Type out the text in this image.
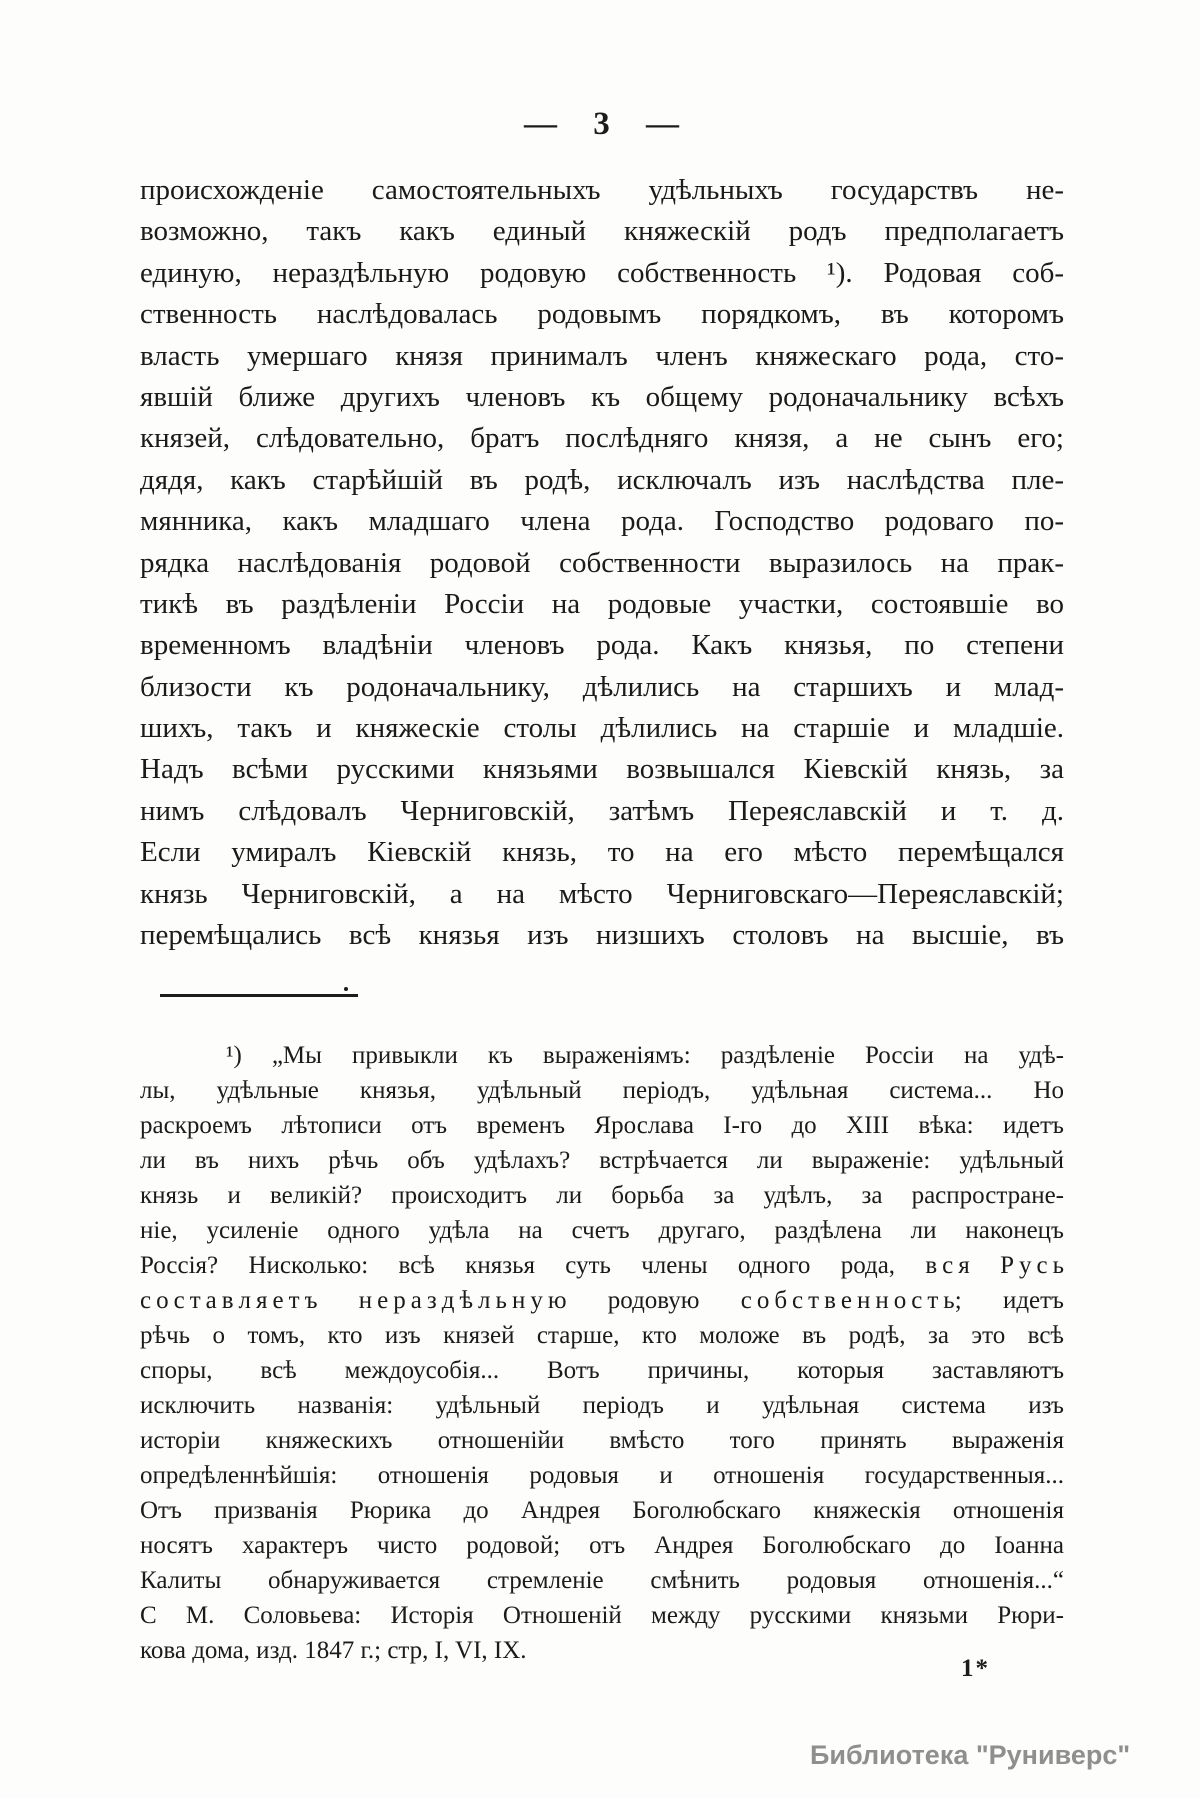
— 3 —
происхожденіе самостоятельныхъ удѣльныхъ государствъ не-
возможно, такъ какъ единый княжескій родъ предполагаетъ
единую, нераздѣльную родовую собственность ¹). Родовая соб-
ственность наслѣдовалась родовымъ порядкомъ, въ которомъ
власть умершаго князя принималъ членъ княжескаго рода, сто-
явшій ближе другихъ членовъ къ общему родоначальнику всѣхъ
князей, слѣдовательно, братъ послѣдняго князя, а не сынъ его;
дядя, какъ старѣйшій въ родѣ, исключалъ изъ наслѣдства пле-
мянника, какъ младшаго члена рода. Господство родоваго по-
рядка наслѣдованія родовой собственности выразилось на прак-
тикѣ въ раздѣленіи Россіи на родовые участки, состоявшіе во
временномъ владѣніи членовъ рода. Какъ князья, по степени
близости къ родоначальнику, дѣлились на старшихъ и млад-
шихъ, такъ и княжескіе столы дѣлились на старшіе и младшіе.
Надъ всѣми русскими князьями возвышался Кіевскій князь, за
нимъ слѣдовалъ Черниговскій, затѣмъ Переяславскій и т. д.
Если умиралъ Кіевскій князь, то на его мѣсто перемѣщался
князь Черниговскій, а на мѣсто Черниговскаго—Переяславскій;
перемѣщались всѣ князья изъ низшихъ столовъ на высшіе, въ
¹) „Мы привыкли къ выраженіямъ: раздѣленіе Россіи на удѣ-
лы, удѣльные князья, удѣльный періодъ, удѣльная система... Но
раскроемъ лѣтописи отъ временъ Ярослава I-го до XIII вѣка: идетъ
ли въ нихъ рѣчь объ удѣлахъ? встрѣчается ли выраженіе: удѣльный
князь и великій? происходитъ ли борьба за удѣлъ, за распростране-
ніе, усиленіе одного удѣла на счетъ другаго, раздѣлена ли наконецъ
Россія? Нисколько: всѣ князья суть члены одного рода, в с я Р у с ь
с о с т а в л я е т ъ н е р а з д ѣ л ь н у ю родовую с о б с т в е н н о с т ь; идетъ
рѣчь о томъ, кто изъ князей старше, кто моложе въ родѣ, за это всѣ
споры, всѣ междоусобія... Вотъ причины, которыя заставляютъ
исключить названія: удѣльный періодъ и удѣльная система изъ
исторіи княжескихъ отношенійи вмѣсто того принять выраженія
опредѣленнѣйшія: отношенія родовыя и отношенія государственныя...
Отъ призванія Рюрика до Андрея Боголюбскаго княжескія отношенія
носятъ характеръ чисто родовой; отъ Андрея Боголюбскаго до Іоанна
Калиты обнаруживается стремленіе смѣнить родовыя отношенія...“
С М. Соловьева: Исторія Отношеній между русскими князьми Рюри-
кова дома, изд. 1847 г.; стр, I, VI, IX.
1*
Библиотека "Руниверс"
